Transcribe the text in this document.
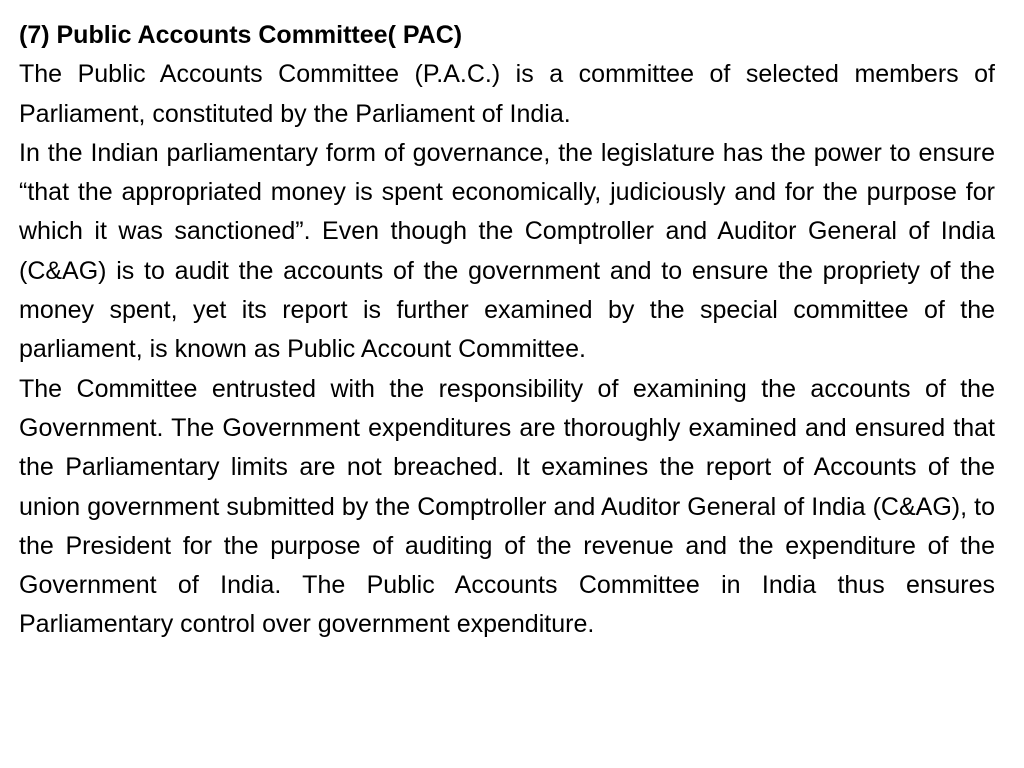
(7) Public Accounts Committee( PAC)

The Public Accounts Committee (P.A.C.) is a committee of selected members of Parliament, constituted by the Parliament of India.

In the Indian parliamentary form of governance, the legislature has the power to ensure “that the appropriated money is spent economically, judiciously and for the purpose for which it was sanctioned”. Even though the Comptroller and Auditor General of India (C&AG) is to audit the accounts of the government and to ensure the propriety of the money spent, yet its report is further examined by the special committee of the parliament, is known as Public Account Committee.

The Committee entrusted with the responsibility of examining the accounts of the Government. The Government expenditures are thoroughly examined and ensured that the Parliamentary limits are not breached. It examines the report of Accounts of the union government submitted by the Comptroller and Auditor General of India (C&AG), to the President for the purpose of auditing of the revenue and the expenditure of the Government of India. The Public Accounts Committee in India thus ensures Parliamentary control over government expenditure.
